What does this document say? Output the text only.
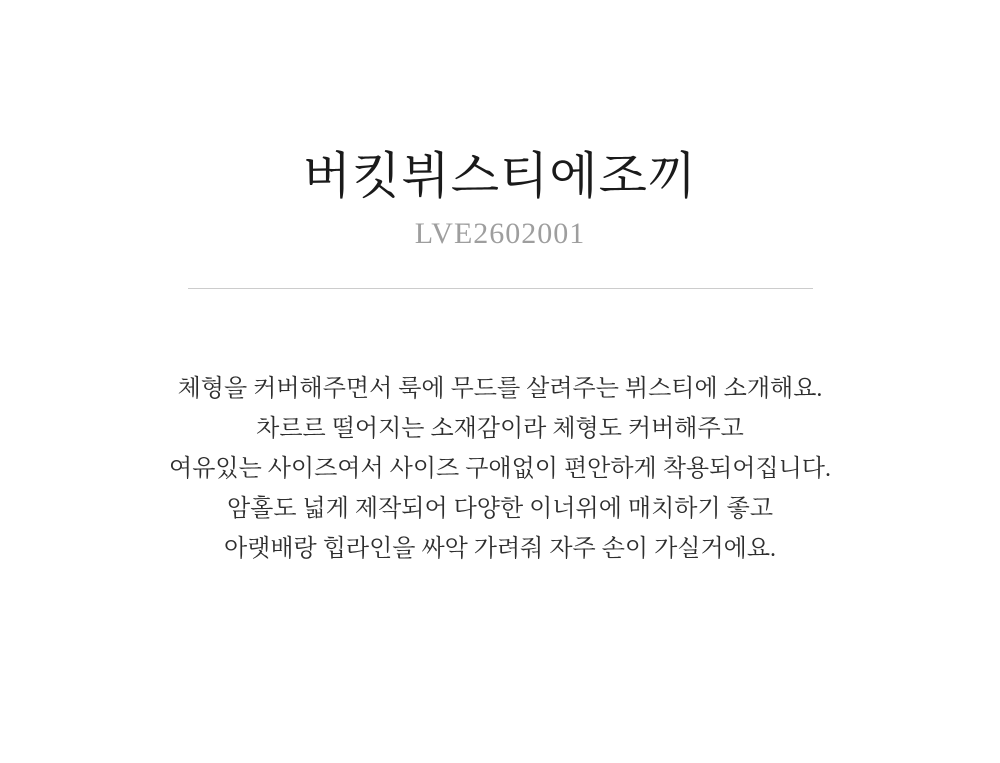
버킷뷔스티에조끼

LVE2602001

체형을 커버해주면서 룩에 무드를 살려주는 뷔스티에 소개해요.

차르르 떨어지는 소재감이라 체형도 커버해주고

여유있는 사이즈여서 사이즈 구애없이 편안하게 착용되어집니다.

암홀도 넓게 제작되어 다양한 이너위에 매치하기 좋고

아랫배랑 힙라인을 싸악 가려줘 자주 손이 가실거에요.
